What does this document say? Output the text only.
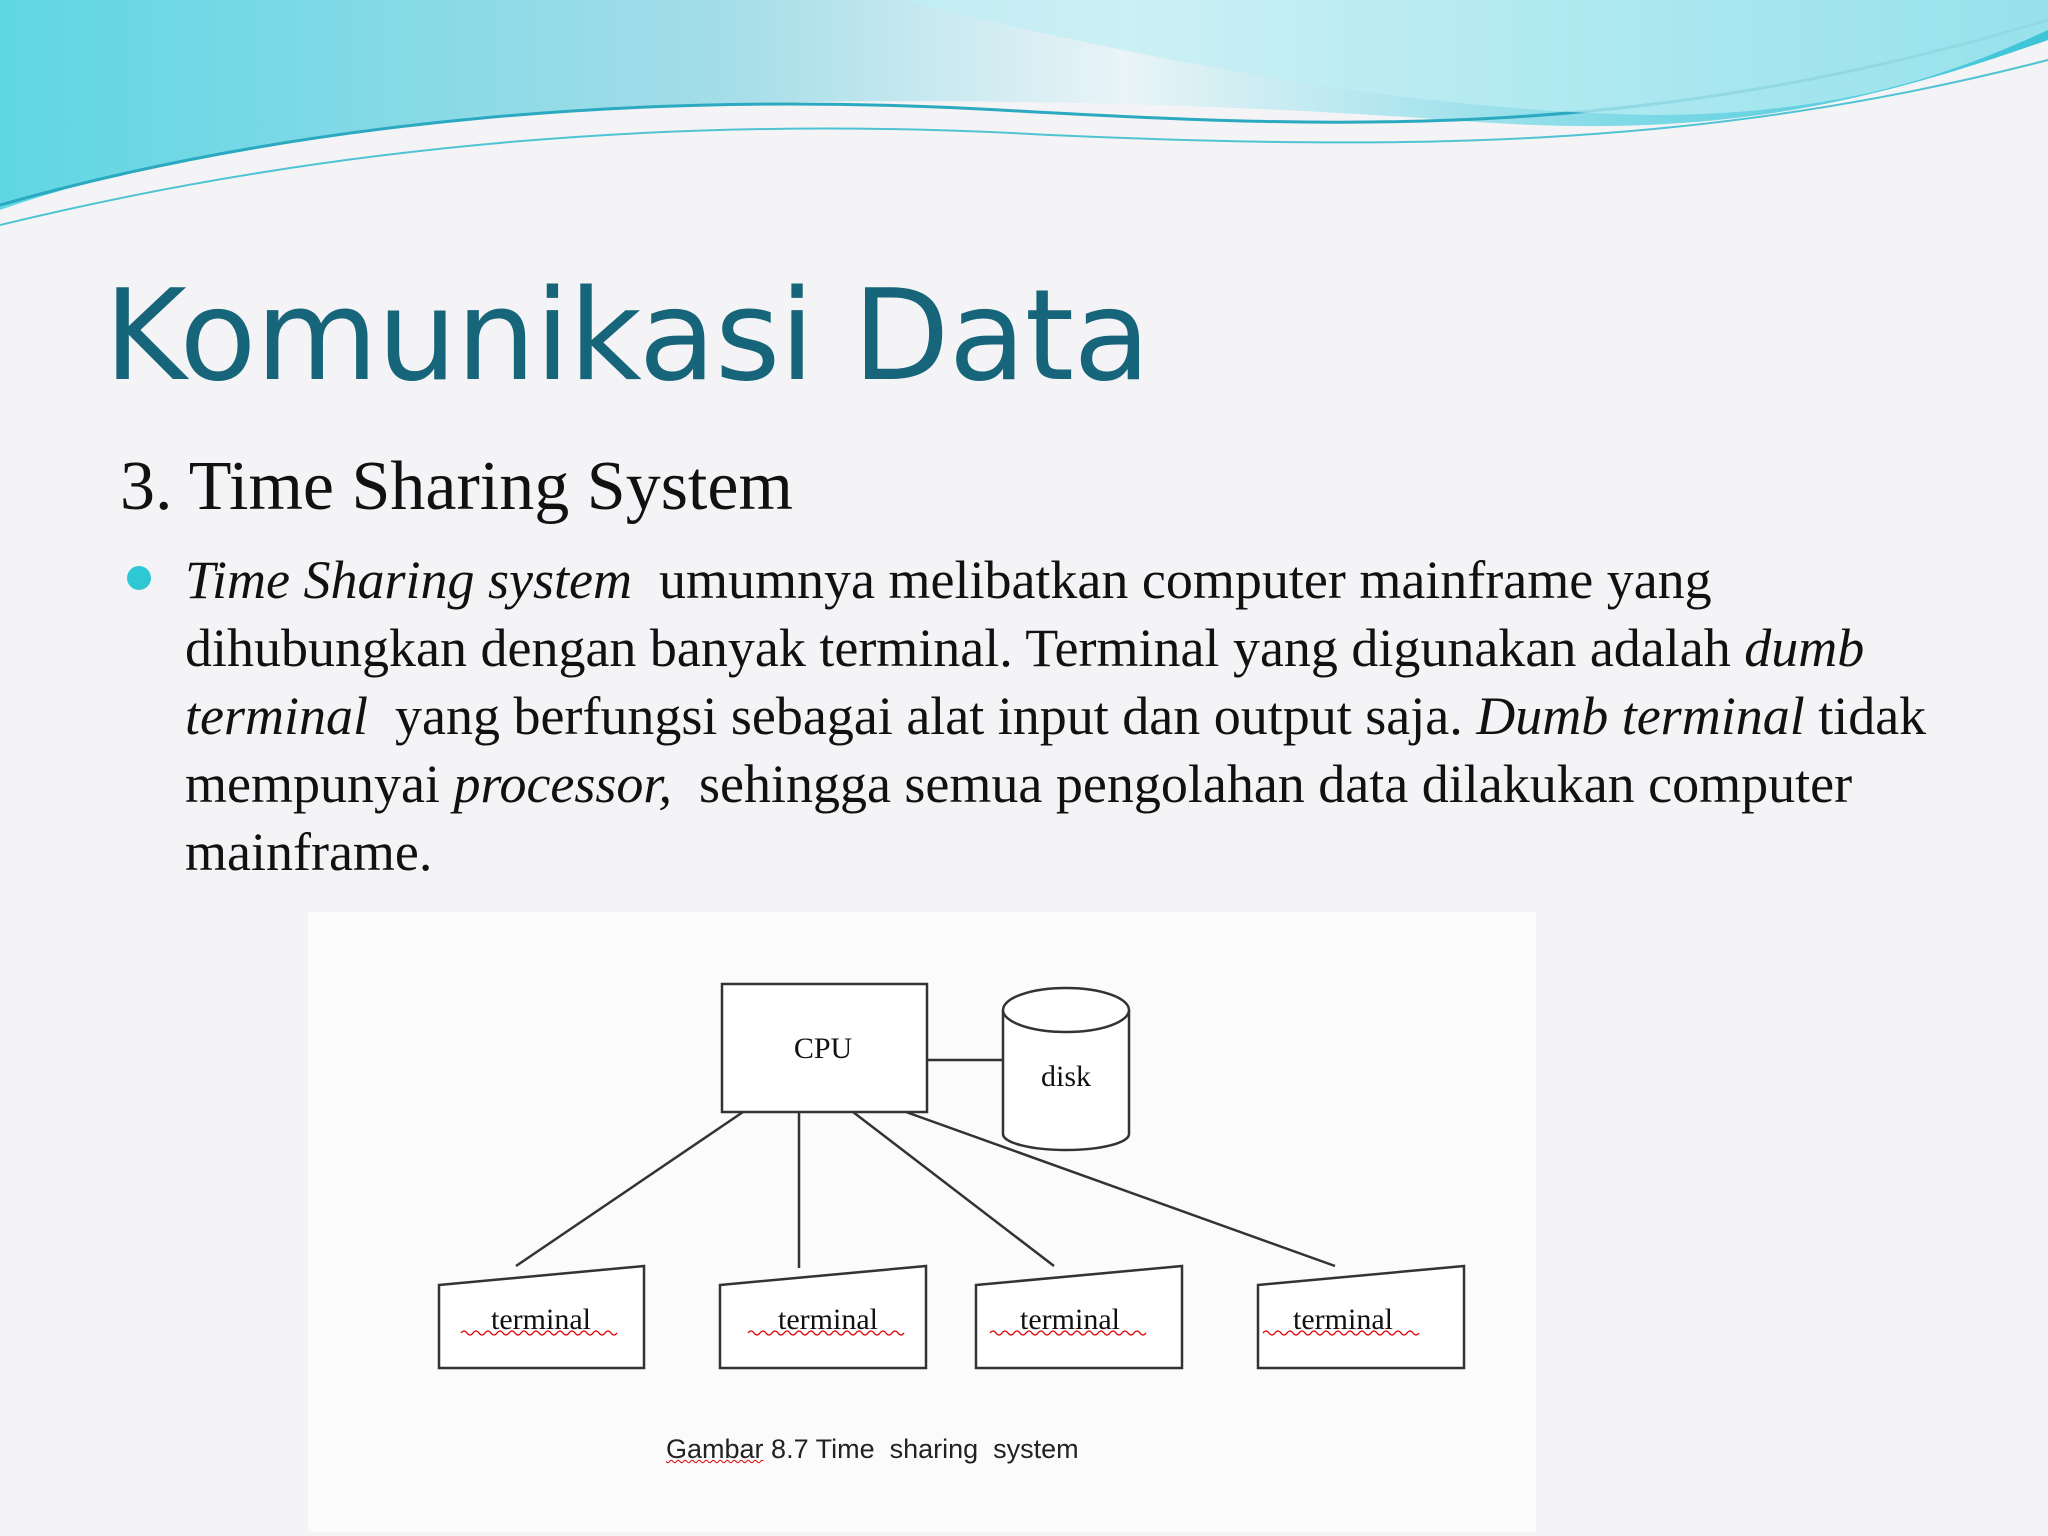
Komunikasi Data
3. Time Sharing System

Time Sharing system  umumnya melibatkan computer mainframe yang dihubungkan dengan banyak terminal. Terminal yang digunakan adalah dumb terminal  yang berfungsi sebagai alat input dan output saja. Dumb terminal tidak mempunyai processor,  sehingga semua pengolahan data dilakukan computer mainframe.

CPU
disk
terminal	terminal	terminal	terminal
Gambar 8.7 Time  sharing  system
